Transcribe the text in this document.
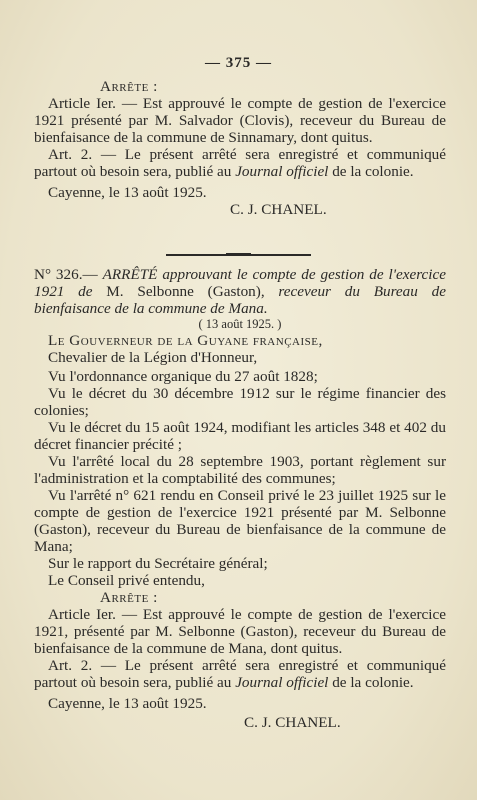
— 375 —

Arrête :

Article Ier. — Est approuvé le compte de gestion de l'exercice 1921 présenté par M. Salvador (Clovis), receveur du Bureau de bienfaisance de la commune de Sinnamary, dont quitus.

Art. 2. — Le présent arrêté sera enregistré et communiqué partout où besoin sera, publié au Journal officiel de la colonie.

Cayenne, le 13 août 1925.

C. J. CHANEL.

N° 326.— ARRÊTÉ approuvant le compte de gestion de l'exercice 1921 de M. Selbonne (Gaston), receveur du Bureau de bienfaisance de la commune de Mana.

( 13 août 1925. )

Le Gouverneur de la Guyane française,

Chevalier de la Légion d'Honneur,

Vu l'ordonnance organique du 27 août 1828;

Vu le décret du 30 décembre 1912 sur le régime financier des colonies;

Vu le décret du 15 août 1924, modifiant les articles 348 et 402 du décret financier précité ;

Vu l'arrêté local du 28 septembre 1903, portant règlement sur l'administration et la comptabilité des communes;

Vu l'arrêté n° 621 rendu en Conseil privé le 23 juillet 1925 sur le compte de gestion de l'exercice 1921 présenté par M. Selbonne (Gaston), receveur du Bureau de bienfaisance de la commune de Mana;

Sur le rapport du Secrétaire général;

Le Conseil privé entendu,

Arrête :

Article Ier. — Est approuvé le compte de gestion de l'exercice 1921, présenté par M. Selbonne (Gaston), receveur du Bureau de bienfaisance de la commune de Mana, dont quitus.

Art. 2. — Le présent arrêté sera enregistré et communiqué partout où besoin sera, publié au Journal officiel de la colonie.

Cayenne, le 13 août 1925.

C. J. CHANEL.
